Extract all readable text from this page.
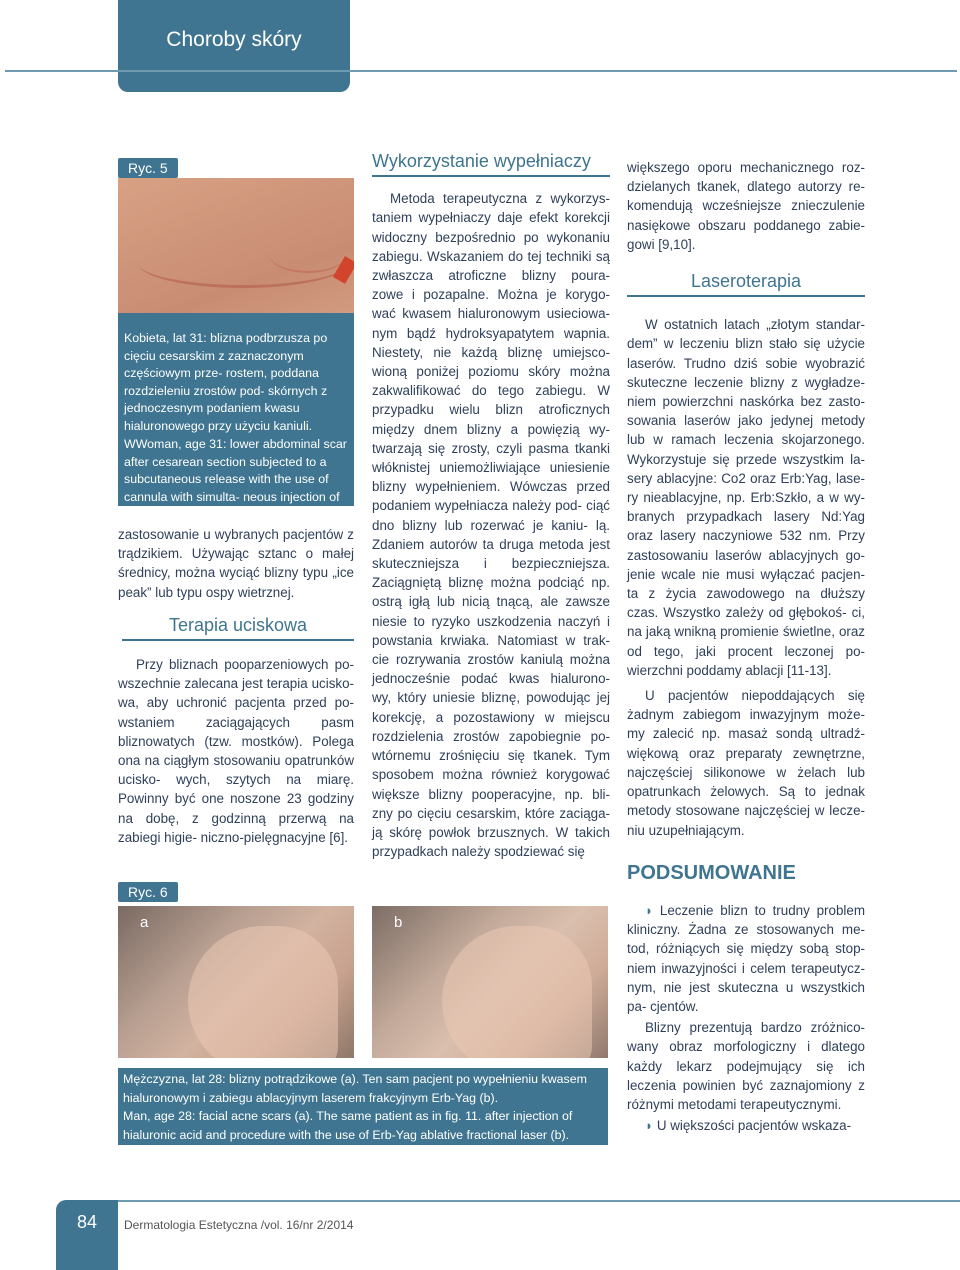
Choroby skóry
Ryc. 5

Kobieta, lat 31: blizna podbrzusza po cięciu cesarskim z zaznaczonym częściowym prze- rostem, poddana rozdzieleniu zrostów pod- skórnych z jednoczesnym podaniem kwasu hialuronowego przy użyciu kaniuli.

WWoman, age 31: lower abdominal scar after cesarean section subjected to a subcutaneous release with the use of cannula with simulta- neous injection of hialuronic acid.

zastosowanie u wybranych pacjentów z trądzikiem. Używając sztanc o małej średnicy, można wyciąć blizny typu „ice peak” lub typu ospy wietrznej.

Terapia uciskowa

Przy bliznach pooparzeniowych po- wszechnie zalecana jest terapia ucisko- wa, aby uchronić pacjenta przed po- wstaniem zaciągających pasm bliznowatych (tzw. mostków). Polega ona na ciągłym stosowaniu opatrunków ucisko- wych, szytych na miarę. Powinny być one noszone 23 godziny na dobę, z godzinną przerwą na zabiegi higie- niczno-pielęgnacyjne [6].

Wykorzystanie wypełniaczy

Metoda terapeutyczna z wykorzys- taniem wypełniaczy daje efekt korekcji widoczny bezpośrednio po wykonaniu zabiegu. Wskazaniem do tej techniki są zwłaszcza atroficzne blizny poura- zowe i pozapalne. Można je korygo- wać kwasem hialuronowym usieciowa- nym bądź hydroksyapatytem wapnia. Niestety, nie każdą bliznę umiejsco- wioną poniżej poziomu skóry można zakwalifikować do tego zabiegu. W przypadku wielu blizn atroficznych między dnem blizny a powięzią wy- twarzają się zrosty, czyli pasma tkanki włóknistej uniemożliwiające uniesienie blizny wypełnieniem. Wówczas przed podaniem wypełniacza należy pod- ciąć dno blizny lub rozerwać je kaniu- lą. Zdaniem autorów ta druga metoda jest skuteczniejsza i bezpieczniejsza. Zaciągniętą bliznę można podciąć np. ostrą igłą lub nicią tnącą, ale zawsze niesie to ryzyko uszkodzenia naczyń i powstania krwiaka. Natomiast w trak- cie rozrywania zrostów kaniulą można jednocześnie podać kwas hialurono- wy, który uniesie bliznę, powodując jej korekcję, a pozostawiony w miejscu rozdzielenia zrostów zapobiegnie po- wtórnemu zrośnięciu się tkanek. Tym sposobem można również korygować większe blizny pooperacyjne, np. bli- zny po cięciu cesarskim, które zaciąga- ją skórę powłok brzusznych. W takich przypadkach należy spodziewać się

większego oporu mechanicznego roz- dzielanych tkanek, dlatego autorzy re- komendują wcześniejsze znieczulenie nasiękowe obszaru poddanego zabie- gowi [9,10].

Laseroterapia

W ostatnich latach „złotym standar- dem” w leczeniu blizn stało się użycie laserów. Trudno dziś sobie wyobrazić skuteczne leczenie blizny z wygładze- niem powierzchni naskórka bez zasto- sowania laserów jako jedynej metody lub w ramach leczenia skojarzonego. Wykorzystuje się przede wszystkim la- sery ablacyjne: Co2 oraz Erb:Yag, lase- ry nieablacyjne, np. Erb:Szkło, a w wy- branych przypadkach lasery Nd:Yag oraz lasery naczyniowe 532 nm. Przy zastosowaniu laserów ablacyjnych go- jenie wcale nie musi wyłączać pacjen- ta z życia zawodowego na dłuższy czas. Wszystko zależy od głębokoś- ci, na jaką wnikną promienie świetlne, oraz od tego, jaki procent leczonej po- wierzchni poddamy ablacji [11-13].

U pacjentów niepoddających się żadnym zabiegom inwazyjnym może- my zalecić np. masaż sondą ultradź- więkową oraz preparaty zewnętrzne, najczęściej silikonowe w żelach lub opatrunkach żelowych. Są to jednak metody stosowane najczęściej w lecze- niu uzupełniającym.

PODSUMOWANIE

◗ Leczenie blizn to trudny problem kliniczny. Żadna ze stosowanych me- tod, różniących się między sobą stop- niem inwazyjności i celem terapeutycz- nym, nie jest skuteczna u wszystkich pa- cjentów.

Blizny prezentują bardzo zróżnico- wany obraz morfologiczny i dlatego każdy lekarz podejmujący się ich leczenia powinien być zaznajomiony z różnymi metodami terapeutycznymi.

◗ U większości pacjentów wskaza-

Ryc. 6
a	b

Mężczyzna, lat 28: blizny potrądzikowe (a). Ten sam pacjent po wypełnieniu kwasem hialuronowym i zabiegu ablacyjnym laserem frakcyjnym Erb-Yag (b).

Man, age 28: facial acne scars (a). The same patient as in fig. 11. after injection of hialuronic acid and procedure with the use of Erb-Yag ablative fractional laser (b).

84	Dermatologia Estetyczna /vol. 16/nr 2/2014
